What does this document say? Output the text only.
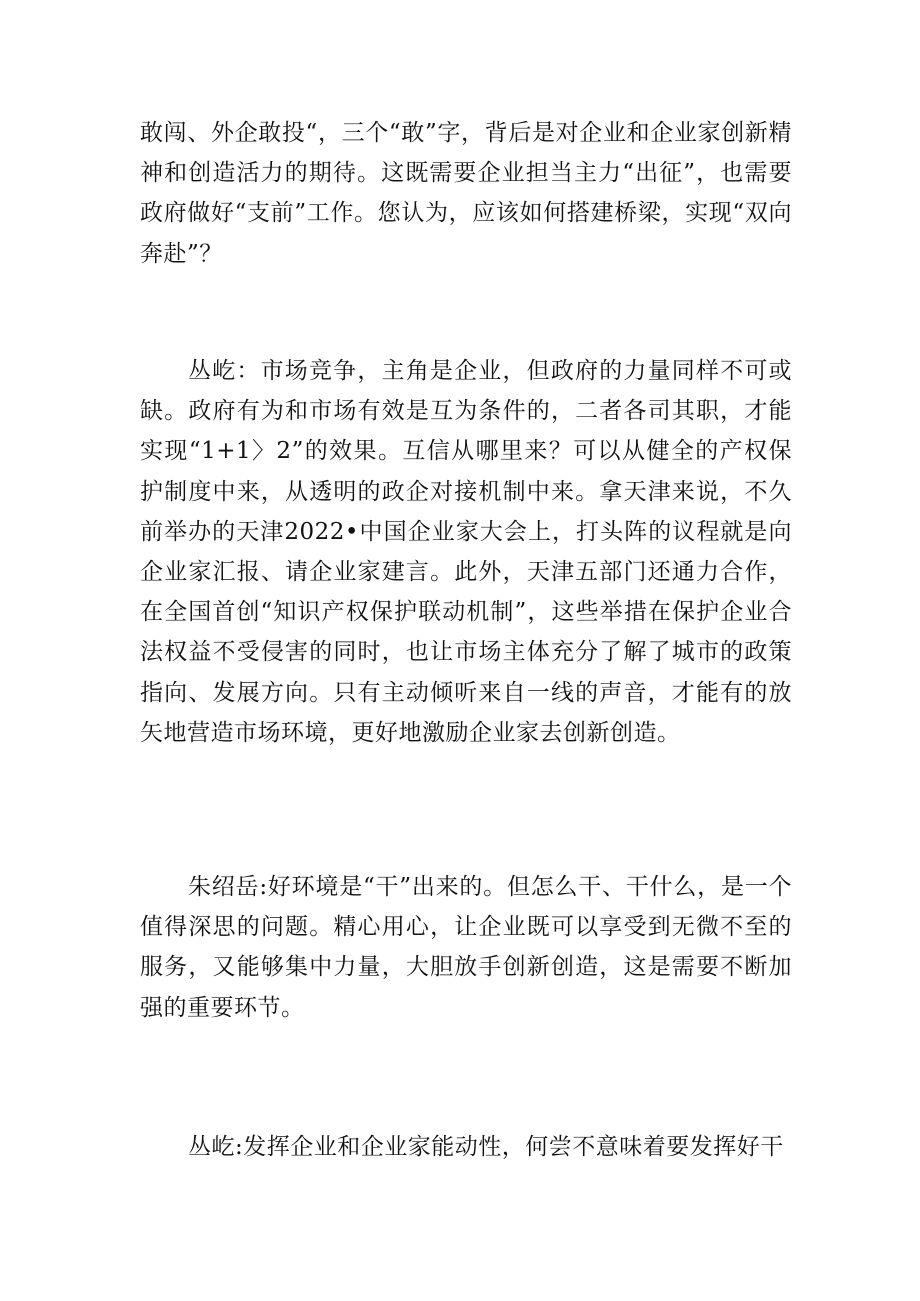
敢闯、外企敢投“，三个“敢”字，背后是对企业和企业家创新精神和创造活力的期待。这既需要企业担当主力“出征”，也需要政府做好“支前”工作。您认为，应该如何搭建桥梁，实现“双向奔赴”？

丛屹：市场竞争，主角是企业，但政府的力量同样不可或缺。政府有为和市场有效是互为条件的，二者各司其职，才能实现“1+1〉2”的效果。互信从哪里来？可以从健全的产权保护制度中来，从透明的政企对接机制中来。拿天津来说，不久前举办的天津2022•中国企业家大会上，打头阵的议程就是向企业家汇报、请企业家建言。此外，天津五部门还通力合作，在全国首创“知识产权保护联动机制”，这些举措在保护企业合法权益不受侵害的同时，也让市场主体充分了解了城市的政策指向、发展方向。只有主动倾听来自一线的声音，才能有的放矢地营造市场环境，更好地激励企业家去创新创造。

朱绍岳:好环境是“干”出来的。但怎么干、干什么，是一个值得深思的问题。精心用心，让企业既可以享受到无微不至的服务，又能够集中力量，大胆放手创新创造，这是需要不断加强的重要环节。

丛屹:发挥企业和企业家能动性，何尝不意味着要发挥好干
